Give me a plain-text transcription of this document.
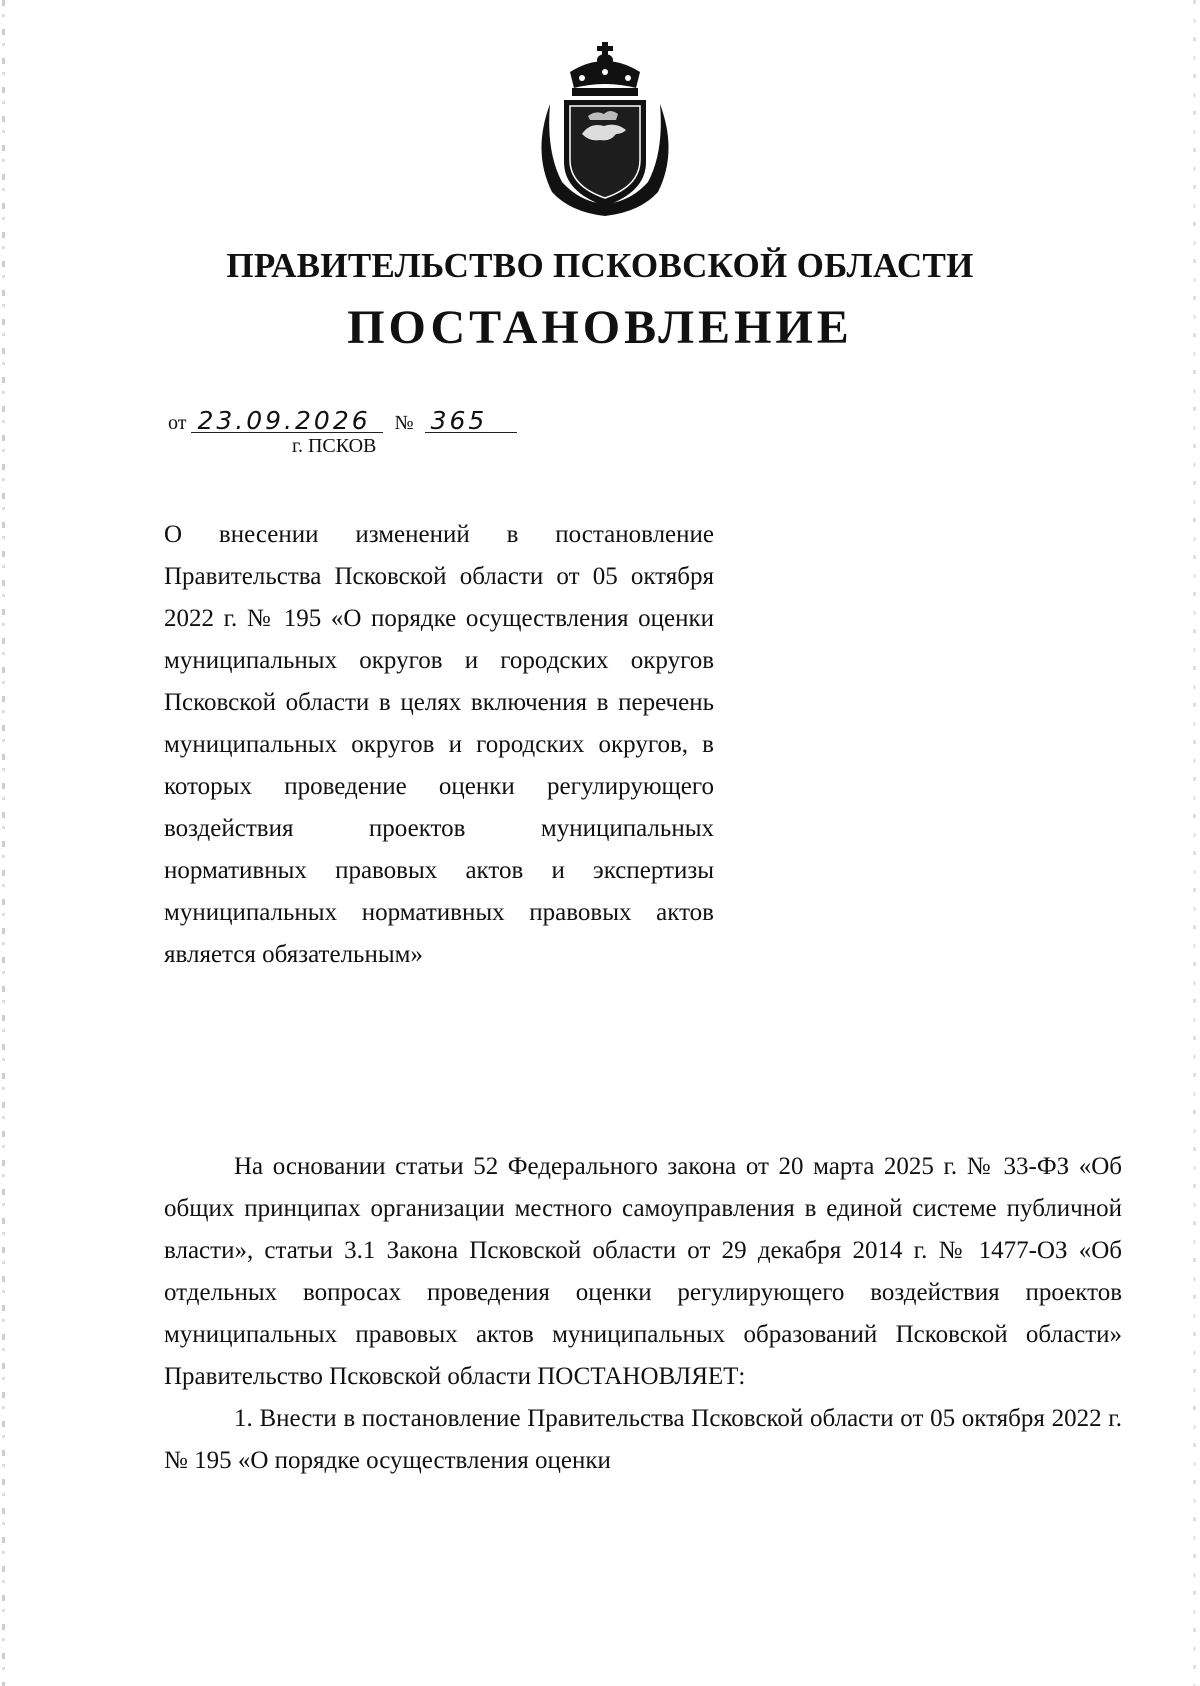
ПРАВИТЕЛЬСТВО ПСКОВСКОЙ ОБЛАСТИ
ПОСТАНОВЛЕНИЕ
от 23.09.2026 № 365
г. ПСКОВ
О внесении изменений в постановление Правительства Псковской области от 05 октября 2022 г. № 195 «О порядке осуществления оценки муниципальных округов и городских округов Псковской области в целях включения в перечень муниципальных округов и городских округов, в которых проведение оценки регулирующего воздействия проектов муниципальных нормативных правовых актов и экспертизы муниципальных нормативных правовых актов является обязательным»

На основании статьи 52 Федерального закона от 20 марта 2025 г. № 33-ФЗ «Об общих принципах организации местного самоуправления в единой системе публичной власти», статьи 3.1 Закона Псковской области от 29 декабря 2014 г. № 1477-ОЗ «Об отдельных вопросах проведения оценки регулирующего воздействия проектов муниципальных правовых актов муниципальных образований Псковской области» Правительство Псковской области ПОСТАНОВЛЯЕТ:

1. Внести в постановление Правительства Псковской области от 05 октября 2022 г. № 195 «О порядке осуществления оценки
